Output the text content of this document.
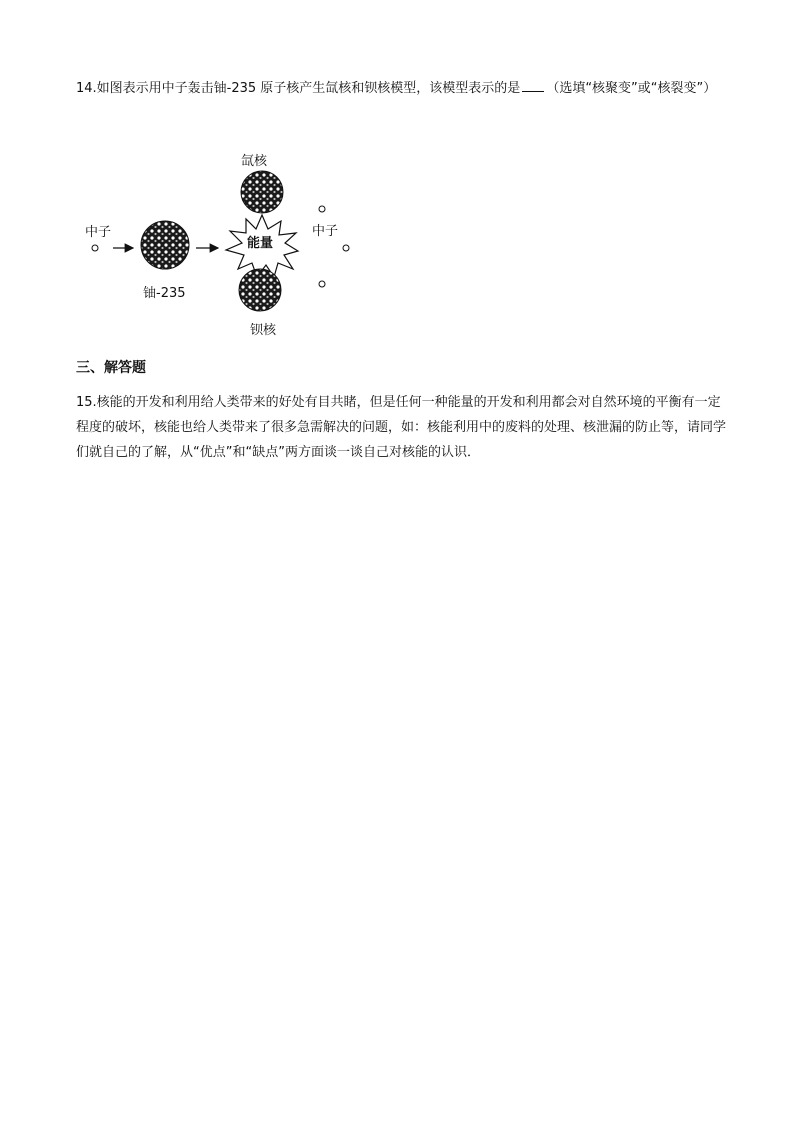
14.如图表示用中子轰击铀-235 原子核产生氙核和钡核模型，该模型表示的是 （选填“核聚变”或“核裂变”）
中子
铀-235
能量
氙核
钡核
中子
三、解答题
15.核能的开发和利用给人类带来的好处有目共睹，但是任何一种能量的开发和利用都会对自然环境的平衡有一定程度的破坏，核能也给人类带来了很多急需解决的问题，如：核能利用中的废料的处理、核泄漏的防止等，请同学们就自己的了解，从“优点”和“缺点”两方面谈一谈自己对核能的认识．
